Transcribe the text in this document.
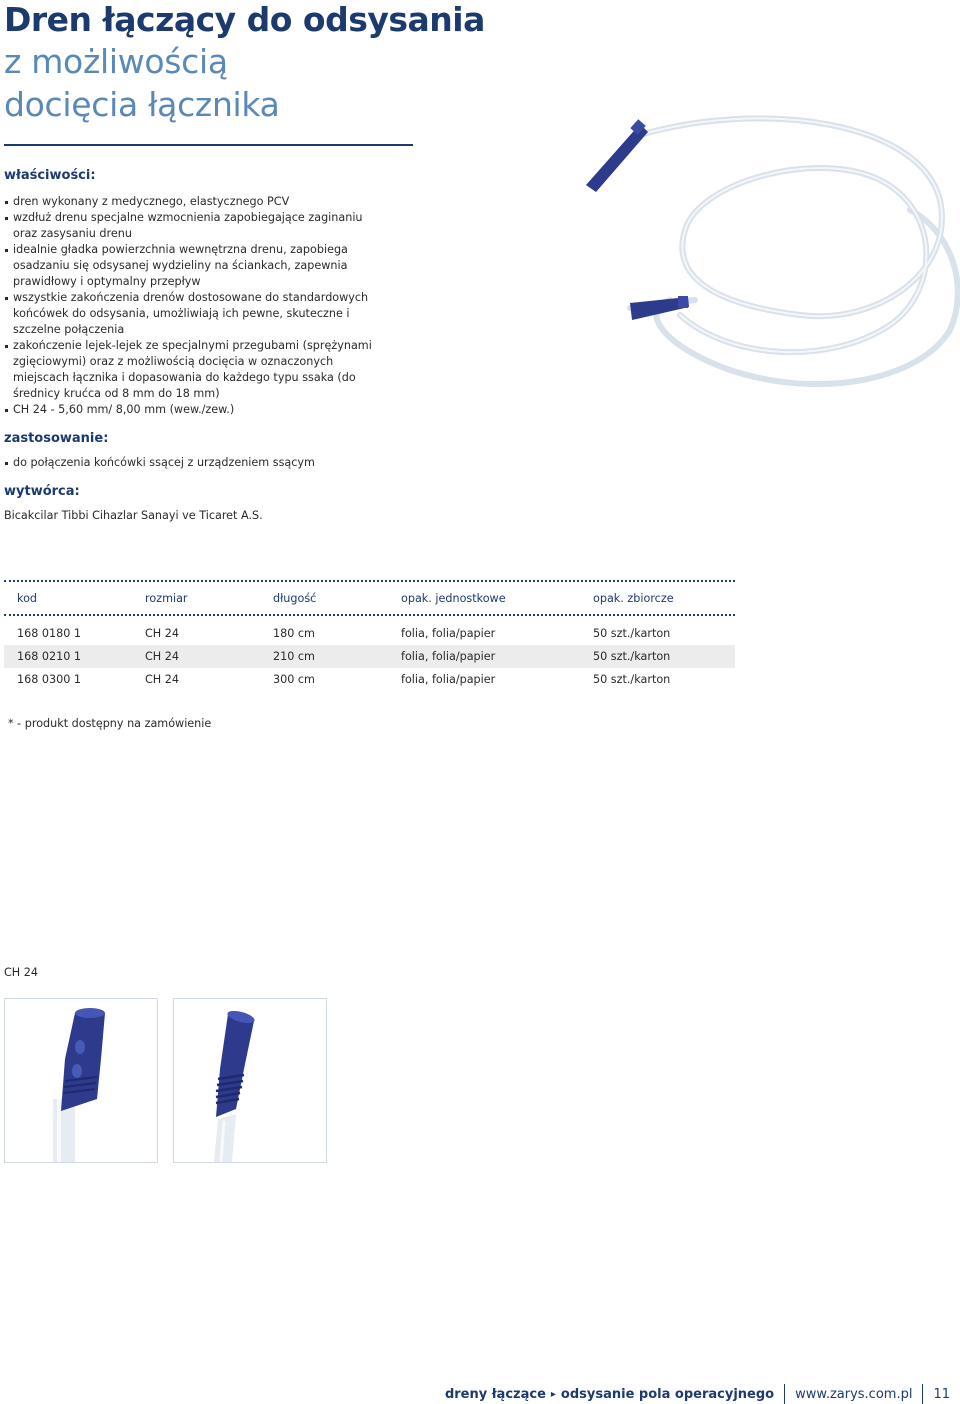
Dren łączący do odsysania
z możliwością
docięcia łącznika
właściwości:
dren wykonany z medycznego, elastycznego PCV
wzdłuż drenu specjalne wzmocnienia zapobiegające zaginaniu oraz zasysaniu drenu
idealnie gładka powierzchnia wewnętrzna drenu, zapobiega osadzaniu się odsysanej wydzieliny na ściankach, zapewnia prawidłowy i optymalny przepływ
wszystkie zakończenia drenów dostosowane do standardowych końcówek do odsysania, umożliwiają ich pewne, skuteczne i szczelne połączenia
zakończenie lejek-lejek ze specjalnymi przegubami (sprężynami zgięciowymi) oraz z możliwością docięcia w oznaczonych miejscach łącznika i dopasowania do każdego typu ssaka (do średnicy krućca od 8 mm do 18 mm)
CH 24 - 5,60 mm/ 8,00 mm (wew./zew.)
zastosowanie:
do połączenia końcówki ssącej z urządzeniem ssącym
wytwórca:
Bicakcilar Tibbi Cihazlar Sanayi ve Ticaret A.S.
kod	rozmiar	długość	opak. jednostkowe	opak. zbiorcze
168 0180 1	CH 24	180 cm	folia, folia/papier	50 szt./karton
168 0210 1	CH 24	210 cm	folia, folia/papier	50 szt./karton
168 0300 1	CH 24	300 cm	folia, folia/papier	50 szt./karton
* - produkt dostępny na zamówienie
CH 24
dreny łączące ▸ odsysanie pola operacyjnego www.zarys.com.pl 11
